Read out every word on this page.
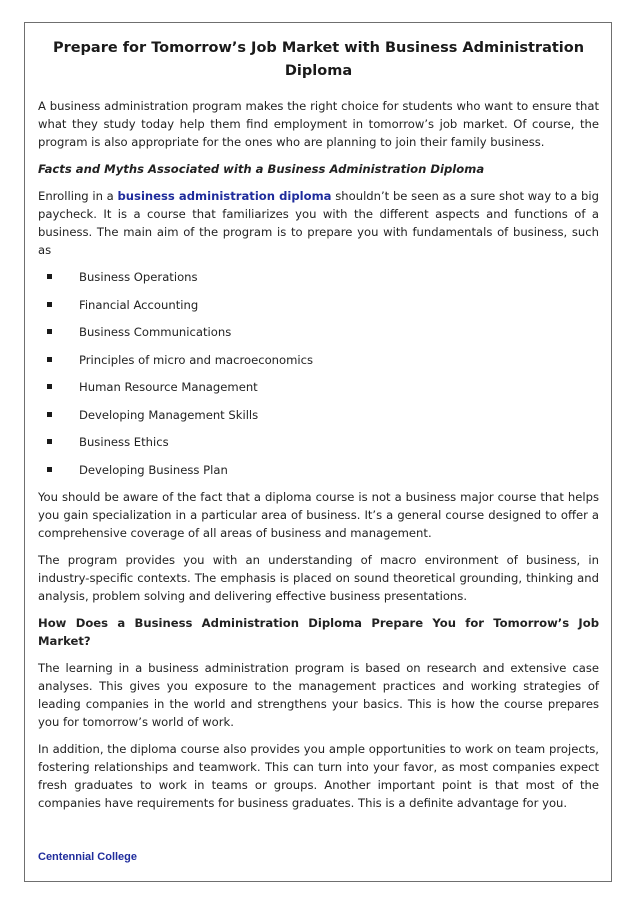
Prepare for Tomorrow’s Job Market with Business Administration Diploma

A business administration program makes the right choice for students who want to ensure that what they study today help them find employment in tomorrow’s job market. Of course, the program is also appropriate for the ones who are planning to join their family business.

Facts and Myths Associated with a Business Administration Diploma

Enrolling in a business administration diploma shouldn’t be seen as a sure shot way to a big paycheck. It is a course that familiarizes you with the different aspects and functions of a business. The main aim of the program is to prepare you with fundamentals of business, such as

Business Operations
Financial Accounting
Business Communications
Principles of micro and macroeconomics
Human Resource Management
Developing Management Skills
Business Ethics
Developing Business Plan

You should be aware of the fact that a diploma course is not a business major course that helps you gain specialization in a particular area of business. It’s a general course designed to offer a comprehensive coverage of all areas of business and management.

The program provides you with an understanding of macro environment of business, in industry-specific contexts. The emphasis is placed on sound theoretical grounding, thinking and analysis, problem solving and delivering effective business presentations.

How Does a Business Administration Diploma Prepare You for Tomorrow’s Job Market?

The learning in a business administration program is based on research and extensive case analyses. This gives you exposure to the management practices and working strategies of leading companies in the world and strengthens your basics. This is how the course prepares you for tomorrow’s world of work.

In addition, the diploma course also provides you ample opportunities to work on team projects, fostering relationships and teamwork. This can turn into your favor, as most companies expect fresh graduates to work in teams or groups. Another important point is that most of the companies have requirements for business graduates. This is a definite advantage for you.

Centennial College
